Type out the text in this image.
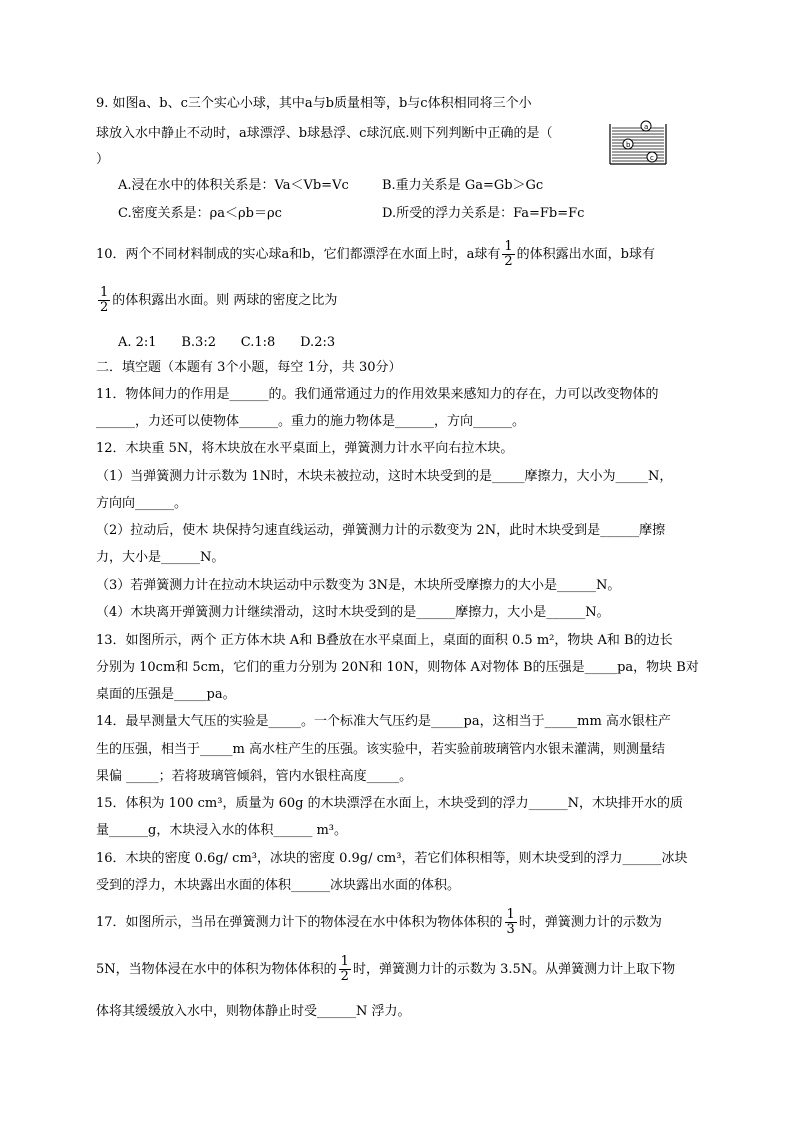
9. 如图a、b、c三个实心小球，其中a与b质量相等，b与c体积相同将三个小
球放入水中静止不动时，a球漂浮、b球悬浮、c球沉底.则下列判断中正确的是（
）
a
b
c
A.浸在水中的体积关系是：Va＜Vb=Vc	B.重力关系是 Ga=Gb＞Gc
C.密度关系是：ρa＜ρb＝ρc	D.所受的浮力关系是：Fa=Fb=Fc
10．两个不同材料制成的实心球a和b，它们都漂浮在水面上时，a球有 $\frac{1}{2}$ 的体积露出水面，b球有
$\frac{1}{2}$ 的体积露出水面。则 两球的密度之比为
A. 2:1      B.3:2      C.1:8      D.2:3
二．填空题（本题有 3个小题，每空 1分，共 30分）
11．物体间力的作用是______的。我们通常通过力的作用效果来感知力的存在，力可以改变物体的
______，力还可以使物体______。重力的施力物体是______，方向______。
12．木块重 5N，将木块放在水平桌面上，弹簧测力计水平向右拉木块。
（1）当弹簧测力计示数为 1N时，木块未被拉动，这时木块受到的是_____摩擦力，大小为_____N，
方向向______。
（2）拉动后，使木 块保持匀速直线运动，弹簧测力计的示数变为 2N，此时木块受到是______摩擦
力，大小是______N。
（3）若弹簧测力计在拉动木块运动中示数变为 3N是，木块所受摩擦力的大小是______N。
（4）木块离开弹簧测力计继续滑动，这时木块受到的是______摩擦力，大小是______N。
13．如图所示，两个 正方体木块 A和 B叠放在水平桌面上，桌面的面积 0.5 m²，物块 A和 B的边长
分别为 10cm和 5cm，它们的重力分别为 20N和 10N，则物体 A对物体 B的压强是_____pa，物块 B对
桌面的压强是_____pa。
14．最早测量大气压的实验是_____。一个标准大气压约是_____pa，这相当于_____mm 高水银柱产
生的压强，相当于_____m 高水柱产生的压强。该实验中，若实验前玻璃管内水银未灌满，则测量结
果偏 _____；若将玻璃管倾斜，管内水银柱高度_____。
15．体积为 100 cm³，质量为 60g 的木块漂浮在水面上，木块受到的浮力______N，木块排开水的质
量______g，木块浸入水的体积______ m³。
16．木块的密度 0.6g/ cm³，冰块的密度 0.9g/ cm³，若它们体积相等，则木块受到的浮力______冰块
受到的浮力，木块露出水面的体积______冰块露出水面的体积。
17．如图所示，当吊在弹簧测力计下的物体浸在水中体积为物体体积的 $\frac{1}{3}$ 时，弹簧测力计的示数为
5N，当物体浸在水中的体积为物体体积的 $\frac{1}{2}$ 时，弹簧测力计的示数为 3.5N。从弹簧测力计上取下物
体将其缓缓放入水中，则物体静止时受______N 浮力。
